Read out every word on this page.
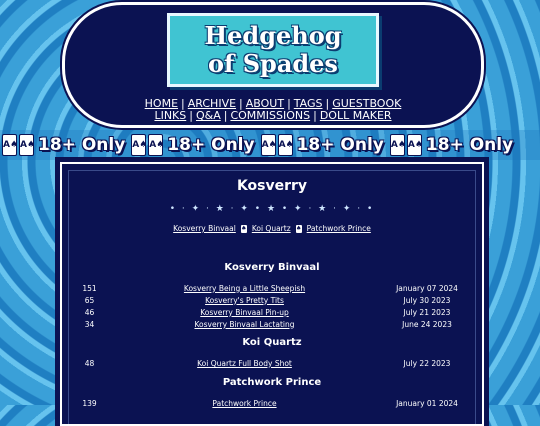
Hedgehog
of Spades
HOME | ARCHIVE | ABOUT | TAGS | GUESTBOOK
LINKS | Q&A | COMMISSIONS | DOLL MAKER
A♠ A♠ 18+ Only A♠ A♠ 18+ Only A♠ A♠ 18+ Only A♠ A♠ 18+ Only
Kosverry
• · ✦ · ★ · ✦ • ★ • ✦ · ★ · ✦ · •
Kosverry Binvaal ♠ Koi Quartz ♠ Patchwork Prince
Kosverry Binvaal
151	Kosverry Being a Little Sheepish	January 07 2024
65	Kosverry's Pretty Tits	July 30 2023
46	Kosverry Binvaal Pin-up	July 21 2023
34	Kosverry Binvaal Lactating	June 24 2023
Koi Quartz
48	Koi Quartz Full Body Shot	July 22 2023
Patchwork Prince
139	Patchwork Prince	January 01 2024
